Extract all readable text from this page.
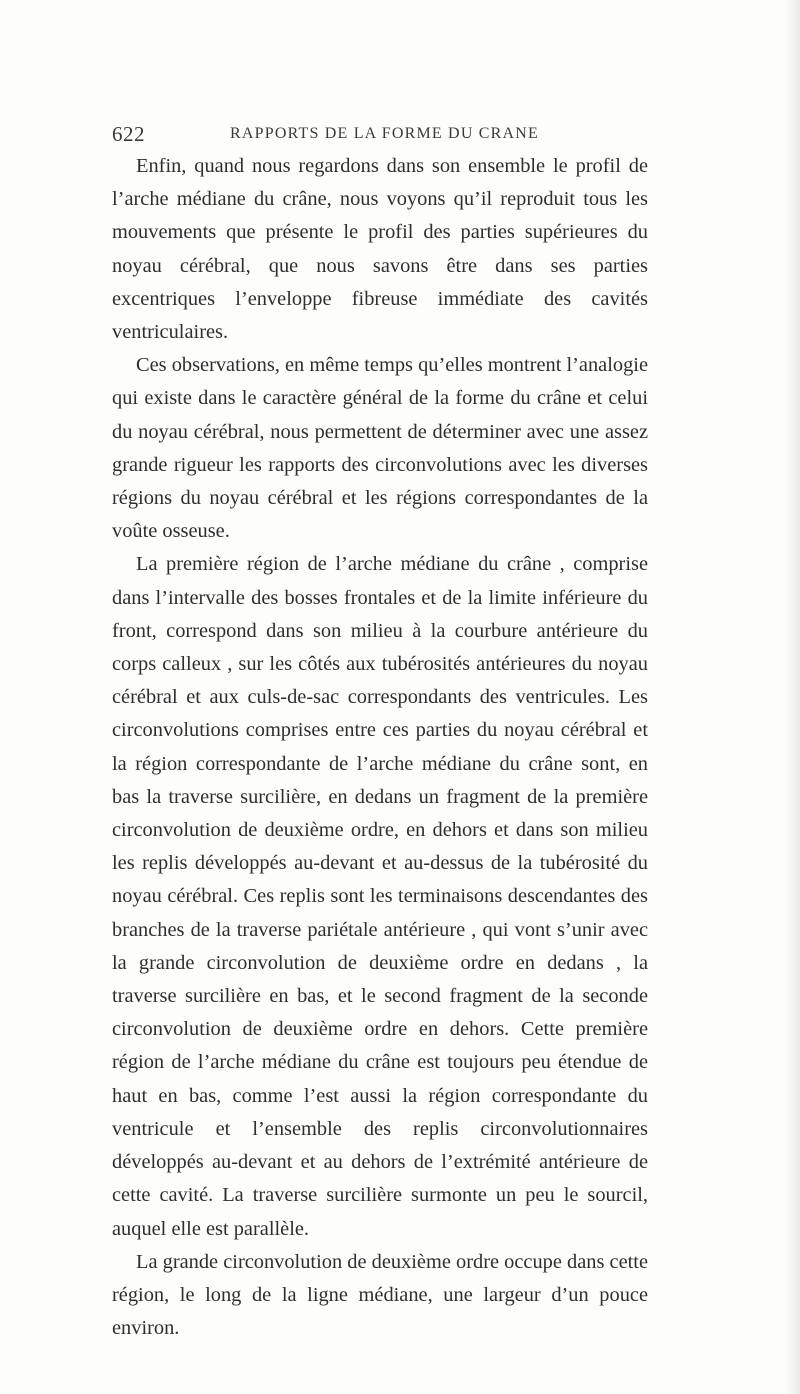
622	RAPPORTS DE LA FORME DU CRANE

Enfin, quand nous regardons dans son ensemble le profil de l’arche médiane du crâne, nous voyons qu’il reproduit tous les mouvements que présente le profil des parties supérieures du noyau cérébral, que nous savons être dans ses parties excentriques l’enveloppe fibreuse immédiate des cavités ventriculaires.

Ces observations, en même temps qu’elles montrent l’analogie qui existe dans le caractère général de la forme du crâne et celui du noyau cérébral, nous permettent de déterminer avec une assez grande rigueur les rapports des circonvolutions avec les diverses régions du noyau cérébral et les régions correspondantes de la voûte osseuse.

La première région de l’arche médiane du crâne , comprise dans l’intervalle des bosses frontales et de la limite inférieure du front, correspond dans son milieu à la courbure antérieure du corps calleux , sur les côtés aux tubérosités antérieures du noyau cérébral et aux culs-de-sac correspondants des ventricules. Les circonvolutions comprises entre ces parties du noyau cérébral et la région correspondante de l’arche médiane du crâne sont, en bas la traverse surcilière, en dedans un fragment de la première circonvolution de deuxième ordre, en dehors et dans son milieu les replis développés au-devant et au-dessus de la tubérosité du noyau cérébral. Ces replis sont les terminaisons descendantes des branches de la traverse pariétale antérieure , qui vont s’unir avec la grande circonvolution de deuxième ordre en dedans , la traverse surcilière en bas, et le second fragment de la seconde circonvolution de deuxième ordre en dehors. Cette première région de l’arche médiane du crâne est toujours peu étendue de haut en bas, comme l’est aussi la région correspondante du ventricule et l’ensemble des replis circonvolutionnaires développés au-devant et au dehors de l’extrémité antérieure de cette cavité. La traverse surcilière surmonte un peu le sourcil, auquel elle est parallèle.

La grande circonvolution de deuxième ordre occupe dans cette région, le long de la ligne médiane, une largeur d’un pouce environ.
